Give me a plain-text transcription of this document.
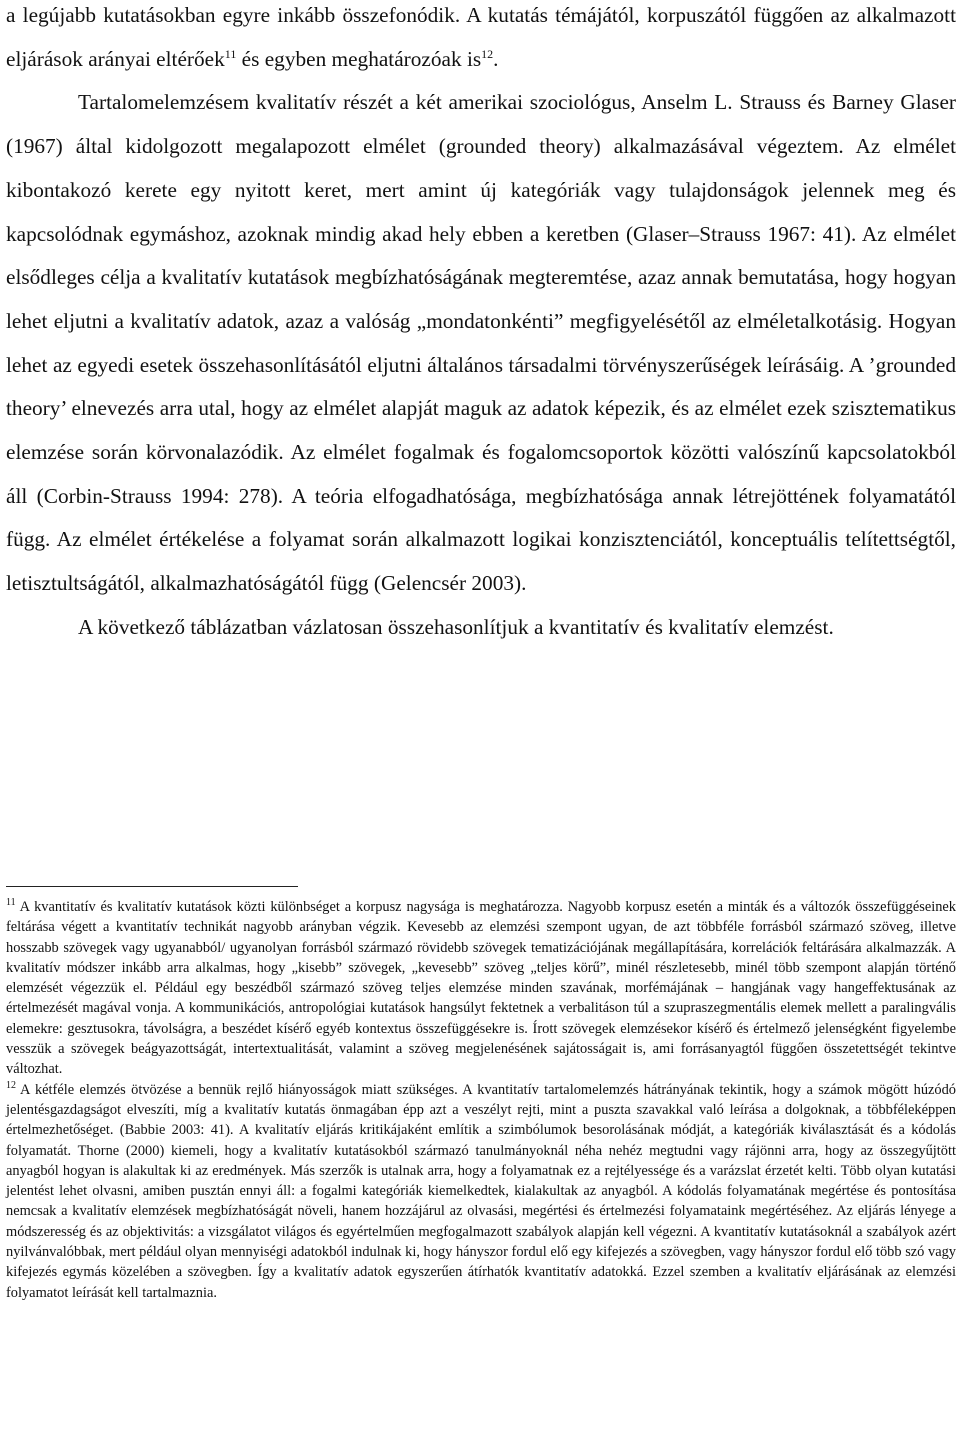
a legújabb kutatásokban egyre inkább összefonódik. A kutatás témájától, korpuszától függően az alkalmazott eljárások arányai eltérőek$^{11}$ és egyben meghatározóak $is^{12}$.

Tartalomelemzésem kvalitatív részét a két amerikai szociológus, Anselm L. Strauss és Barney Glaser (1967) által kidolgozott megalapozott elmélet (grounded theory) alkalmazásával végeztem. Az elmélet kibontakozó kerete egy nyitott keret, mert amint új kategóriák vagy tulajdonságok jelennek meg és kapcsolódnak egymáshoz, azoknak mindig akad hely ebben a keretben (Glaser–Strauss 1967: 41). Az elmélet elsődleges célja a kvalitatív kutatások megbízhatóságának megteremtése, azaz annak bemutatása, hogy hogyan lehet eljutni a kvalitatív adatok, azaz a valóság „mondatonkénti” megfigyelésétől az elméletalkotásig. Hogyan lehet az egyedi esetek összehasonlításától eljutni általános társadalmi törvényszerűségek leírásáig. A ’grounded theory’ elnevezés arra utal, hogy az elmélet alapját maguk az adatok képezik, és az elmélet ezek szisztematikus elemzése során körvonalazódik. Az elmélet fogalmak és fogalomcsoportok közötti valószínű kapcsolatokból áll (Corbin-Strauss 1994: 278). A teória elfogadhatósága, megbízhatósága annak létrejöttének folyamatától függ. Az elmélet értékelése a folyamat során alkalmazott logikai konzisztenciától, konceptuális telítettségtől, letisztultságától, alkalmazhatóságától függ (Gelencsér 2003).

A következő táblázatban vázlatosan összehasonlítjuk a kvantitatív és kvalitatív elemzést.

$^{11}$ A kvantitatív és kvalitatív kutatások közti különbséget a korpusz nagysága is meghatározza. Nagyobb korpusz esetén a minták és a változók összefüggéseinek feltárása végett a kvantitatív technikát nagyobb arányban végzik. Kevesebb az elemzési szempont ugyan, de azt többféle forrásból származó szöveg, illetve hosszabb szövegek vagy ugyanabból/ ugyanolyan forrásból származó rövidebb szövegek tematizációjának megállapítására, korrelációk feltárására alkalmazzák. A kvalitatív módszer inkább arra alkalmas, hogy „kisebb” szövegek, „kevesebb” szöveg „teljes körű”, minél részletesebb, minél több szempont alapján történő elemzését végezzük el. Például egy beszédből származó szöveg teljes elemzése minden szavának, morfémájának – hangjának vagy hangeffektusának az értelmezését magával vonja. A kommunikációs, antropológiai kutatások hangsúlyt fektetnek a verbalitáson túl a szupraszegmentális elemek mellett a paralingvális elemekre: gesztusokra, távolságra, a beszédet kísérő egyéb kontextus összefüggésekre is. Írott szövegek elemzésekor kísérő és értelmező jelenségként figyelembe vesszük a szövegek beágyazottságát, intertextualitását, valamint a szöveg megjelenésének sajátosságait is, ami forrásanyagtól függően összetettségét tekintve változhat.

$^{12}$ A kétféle elemzés ötvözése a bennük rejlő hiányosságok miatt szükséges. A kvantitatív tartalomelemzés hátrányának tekintik, hogy a számok mögött húzódó jelentésgazdagságot elveszíti, míg a kvalitatív kutatás önmagában épp azt a veszélyt rejti, mint a puszta szavakkal való leírása a dolgoknak, a többféleképpen értelmezhetőséget. (Babbie 2003: 41). A kvalitatív eljárás kritikájaként említik a szimbólumok besorolásának módját, a kategóriák kiválasztását és a kódolás folyamatát. Thorne (2000) kiemeli, hogy a kvalitatív kutatásokból származó tanulmányoknál néha nehéz megtudni vagy rájönni arra, hogy az összegyűjtött anyagból hogyan is alakultak ki az eredmények. Más szerzők is utalnak arra, hogy a folyamatnak ez a rejtélyessége és a varázslat érzetét kelti. Több olyan kutatási jelentést lehet olvasni, amiben pusztán ennyi áll: a fogalmi kategóriák kiemelkedtek, kialakultak az anyagból. A kódolás folyamatának megértése és pontosítása nemcsak a kvalitatív elemzések megbízhatóságát növeli, hanem hozzájárul az olvasási, megértési és értelmezési folyamataink megértéséhez. Az eljárás lényege a módszeresség és az objektivitás: a vizsgálatot világos és egyértelműen megfogalmazott szabályok alapján kell végezni. A kvantitatív kutatásoknál a szabályok azért nyilvánvalóbbak, mert például olyan mennyiségi adatokból indulnak ki, hogy hányszor fordul elő egy kifejezés a szövegben, vagy hányszor fordul elő több szó vagy kifejezés egymás közelében a szövegben. Így a kvalitatív adatok egyszerűen átírhatók kvantitatív adatokká. Ezzel szemben a kvalitatív eljárásának az elemzési folyamatot leírását kell tartalmaznia.
